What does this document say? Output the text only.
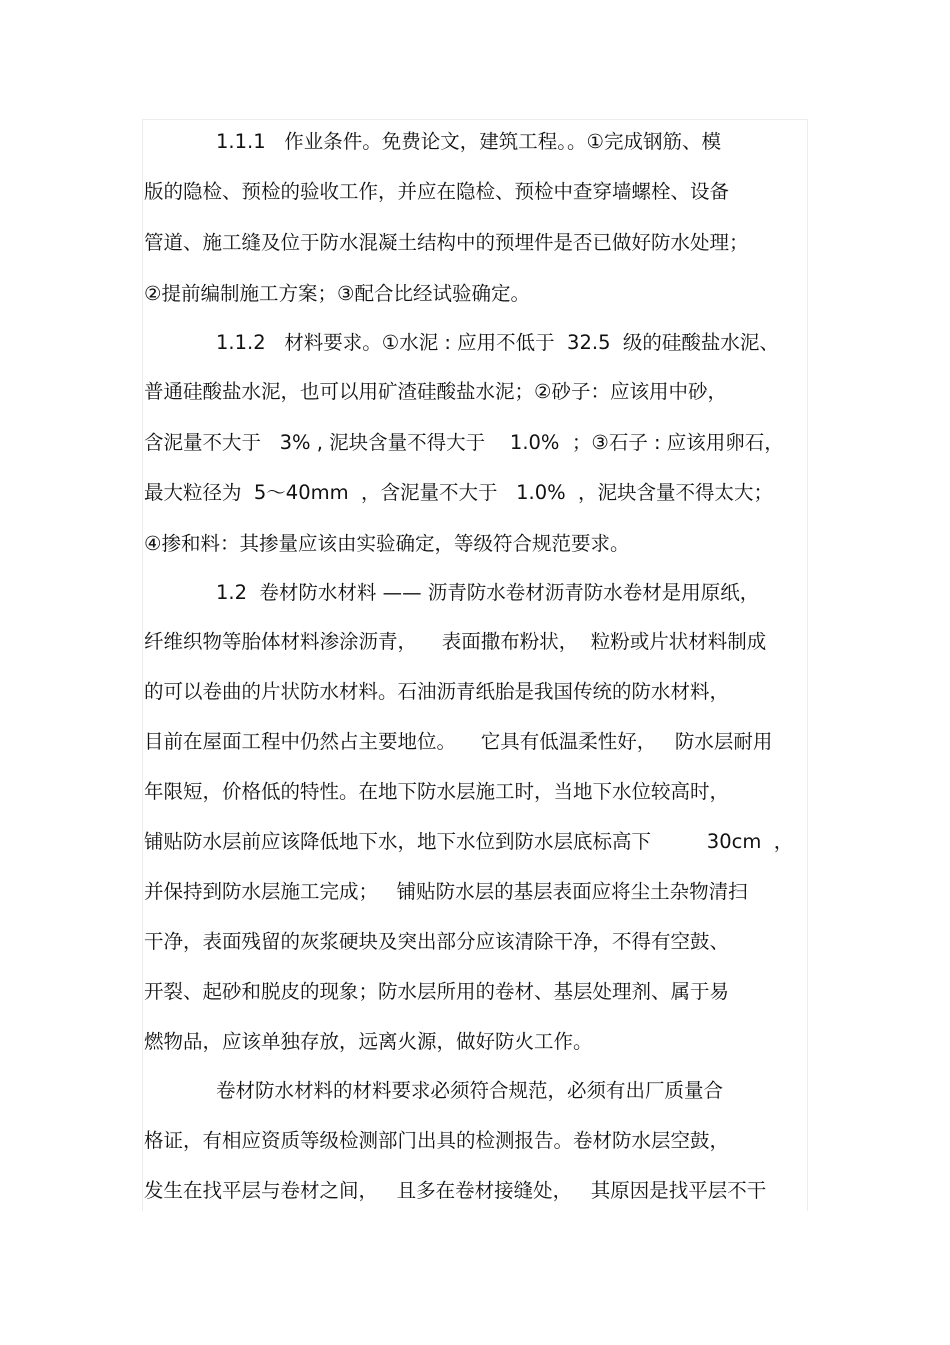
1.1.1   作业条件。免费论文，建筑工程。。①完成钢筋、模
版的隐检、预检的验收工作，并应在隐检、预检中查穿墙螺栓、设备
管道、施工缝及位于防水混凝土结构中的预埋件是否已做好防水处理；
②提前编制施工方案；③配合比经试验确定。
1.1.2   材料要求。①水泥 : 应用不低于  32.5  级的硅酸盐水泥、
普通硅酸盐水泥，也可以用矿渣硅酸盐水泥；②砂子：应该用中砂，
含泥量不大于   3% , 泥块含量不得大于    1.0%  ；③石子 : 应该用卵石，
最大粒径为  5～40mm  ，含泥量不大于   1.0%  ，泥块含量不得太大；
④掺和料：其掺量应该由实验确定，等级符合规范要求。
1.2  卷材防水材料 —— 沥青防水卷材沥青防水卷材是用原纸，
纤维织物等胎体材料渗涂沥青，    表面撒布粉状，  粒粉或片状材料制成
的可以卷曲的片状防水材料。石油沥青纸胎是我国传统的防水材料，
目前在屋面工程中仍然占主要地位。    它具有低温柔性好，   防水层耐用
年限短，价格低的特性。在地下防水层施工时，当地下水位较高时，
铺贴防水层前应该降低地下水，地下水位到防水层底标高下         30cm  ，
并保持到防水层施工完成；   铺贴防水层的基层表面应将尘土杂物清扫
干净，表面残留的灰浆硬块及突出部分应该清除干净，不得有空鼓、
开裂、起砂和脱皮的现象；防水层所用的卷材、基层处理剂、属于易
燃物品，应该单独存放，远离火源，做好防火工作。
卷材防水材料的材料要求必须符合规范，必须有出厂质量合
格证，有相应资质等级检测部门出具的检测报告。卷材防水层空鼓，
发生在找平层与卷材之间，   且多在卷材接缝处，   其原因是找平层不干
